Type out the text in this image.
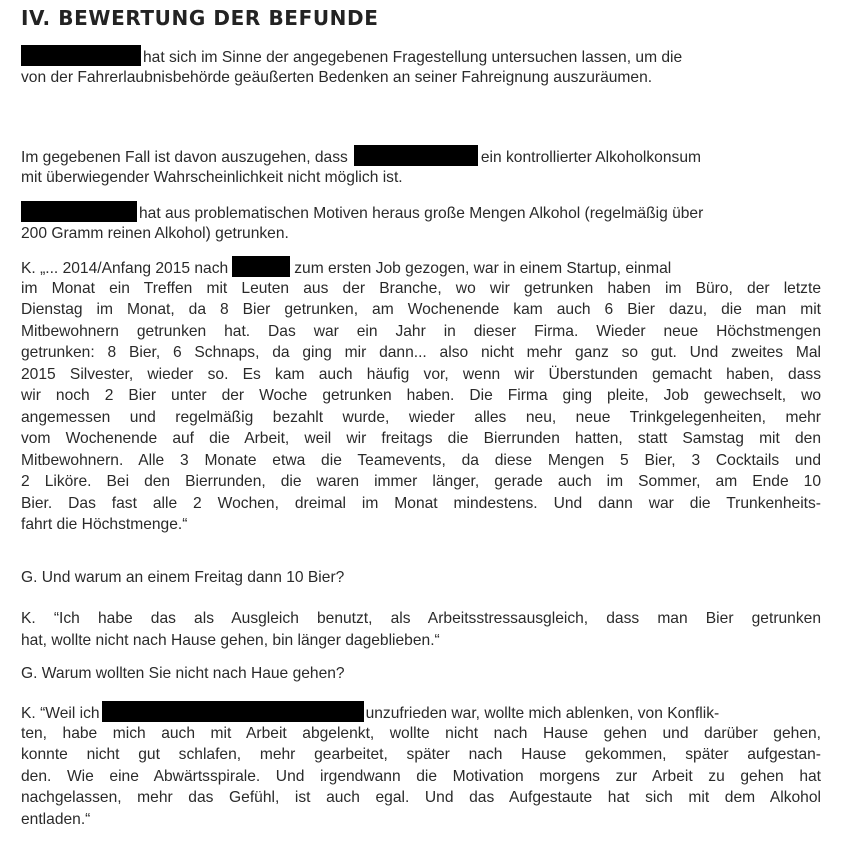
IV. BEWERTUNG DER BEFUNDE
hat sich im Sinne der angegebenen Fragestellung untersuchen lassen, um die
von der Fahrerlaubnisbehörde geäußerten Bedenken an seiner Fahreignung auszuräumen.
Im gegebenen Fall ist davon auszugehen, dass	ein kontrollierter Alkoholkonsum
mit überwiegender Wahrscheinlichkeit nicht möglich ist.
hat aus problematischen Motiven heraus große Mengen Alkohol (regelmäßig über
200 Gramm reinen Alkohol) getrunken.
K. „... 2014/Anfang 2015 nach	zum ersten Job gezogen, war in einem Startup, einmal
im Monat ein Treffen mit Leuten aus der Branche, wo wir getrunken haben im Büro, der letzte
Dienstag im Monat, da 8 Bier getrunken, am Wochenende kam auch 6 Bier dazu, die man mit
Mitbewohnern getrunken hat. Das war ein Jahr in dieser Firma. Wieder neue Höchstmengen
getrunken: 8 Bier, 6 Schnaps, da ging mir dann... also nicht mehr ganz so gut. Und zweites Mal
2015 Silvester, wieder so. Es kam auch häufig vor, wenn wir Überstunden gemacht haben, dass
wir noch 2 Bier unter der Woche getrunken haben. Die Firma ging pleite, Job gewechselt, wo
angemessen und regelmäßig bezahlt wurde, wieder alles neu, neue Trinkgelegenheiten, mehr
vom Wochenende auf die Arbeit, weil wir freitags die Bierrunden hatten, statt Samstag mit den
Mitbewohnern. Alle 3 Monate etwa die Teamevents, da diese Mengen 5 Bier, 3 Cocktails und
2 Liköre. Bei den Bierrunden, die waren immer länger, gerade auch im Sommer, am Ende 10
Bier. Das fast alle 2 Wochen, dreimal im Monat mindestens. Und dann war die Trunkenheits-
fahrt die Höchstmenge.“
G. Und warum an einem Freitag dann 10 Bier?
K. “Ich habe das als Ausgleich benutzt, als Arbeitsstressausgleich, dass man Bier getrunken
hat, wollte nicht nach Hause gehen, bin länger dageblieben.“
G. Warum wollten Sie nicht nach Haue gehen?
K. “Weil ich	unzufrieden war, wollte mich ablenken, von Konflik-
ten, habe mich auch mit Arbeit abgelenkt, wollte nicht nach Hause gehen und darüber gehen,
konnte nicht gut schlafen, mehr gearbeitet, später nach Hause gekommen, später aufgestan-
den. Wie eine Abwärtsspirale. Und irgendwann die Motivation morgens zur Arbeit zu gehen hat
nachgelassen, mehr das Gefühl, ist auch egal. Und das Aufgestaute hat sich mit dem Alkohol
entladen.“
